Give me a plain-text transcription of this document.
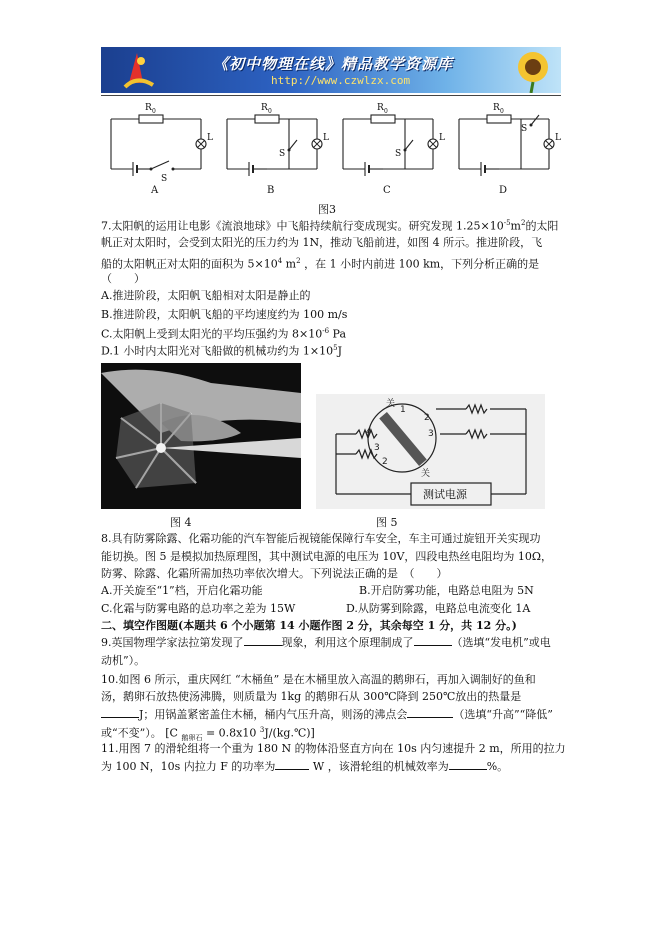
《初中物理在线》精品教学资源库
http://www.czwlzx.com
R 0
L
S
A
R 0
L
S
B
R 0
L
S
C
R 0
L
S
D
图3
7.太阳帆的运用让电影《流浪地球》中飞船持续航行变成现实。研究发现 $1.25\times 10^{-5}m^2$的太阳
帆正对太阳时，会受到太阳光的压力约为 1N，推动飞船前进，如图 4 所示。推进阶段，飞
船的太阳帆正对太阳的面积为 $5\times 10^4$ $m^2$ ，在 1 小时内前进 100 km，下列分析正确的是
（　　）
A.推进阶段，太阳帆飞船相对太阳是静止的
B.推进阶段，太阳帆飞船的平均速度约为 100 m/s
C.太阳帆上受到太阳光的平均压强约为 $8\times 10^{-6}$ Pa
D.1 小时内太阳光对飞船做的机械功约为 $1\times 10^5J$
关
关
1
2
3
4
3
2
测试电源
图 4	图 5
8.具有防雾除露、化霜功能的汽车智能后视镜能保障行车安全，车主可通过旋钮开关实现功
能切换。图 5 是模拟加热原理图，其中测试电源的电压为 10V，四段电热丝电阻均为 10Ω，
防雾、除露、化霜所需加热功率依次增大。下列说法正确的是　（　　）
A.开关旋至“1”档，开启化霜功能	B.开启防雾功能，电路总电阻为 5N
C.化霜与防雾电路的总功率之差为 15W	D.从防雾到除露，电路总电流变化 1A
二、填空作图题(本题共 6 个小题第 14 小题作图 2 分，其余每空 1 分，共 12 分。)
9.英国物理学家法拉第发现了	现象，利用这个原理制成了	（选填“发电机”或电
动机”）。
10.如图 6 所示，重庆网红 “木桶鱼” 是在木桶里放入高温的鹅卵石，再加入调制好的鱼和
汤，鹅卵石放热使汤沸腾，则质量为 1kg 的鹅卵石从 300℃降到 250℃放出的热量是
J；用锅盖紧密盖住木桶，桶内气压升高，则汤的沸点会	（选填“升高”“降低”
或“不变”）。 [C $_{鹅卵石}$ = 0.8x10 $^3$J/(kg.℃)]
11.用图 7 的滑轮组将一个重为 180 N 的物体沿竖直方向在 10s 内匀速提升 2 m，所用的拉力
为 100 N，10s 内拉力 F 的功率为	W ，该滑轮组的机械效率为	%。
